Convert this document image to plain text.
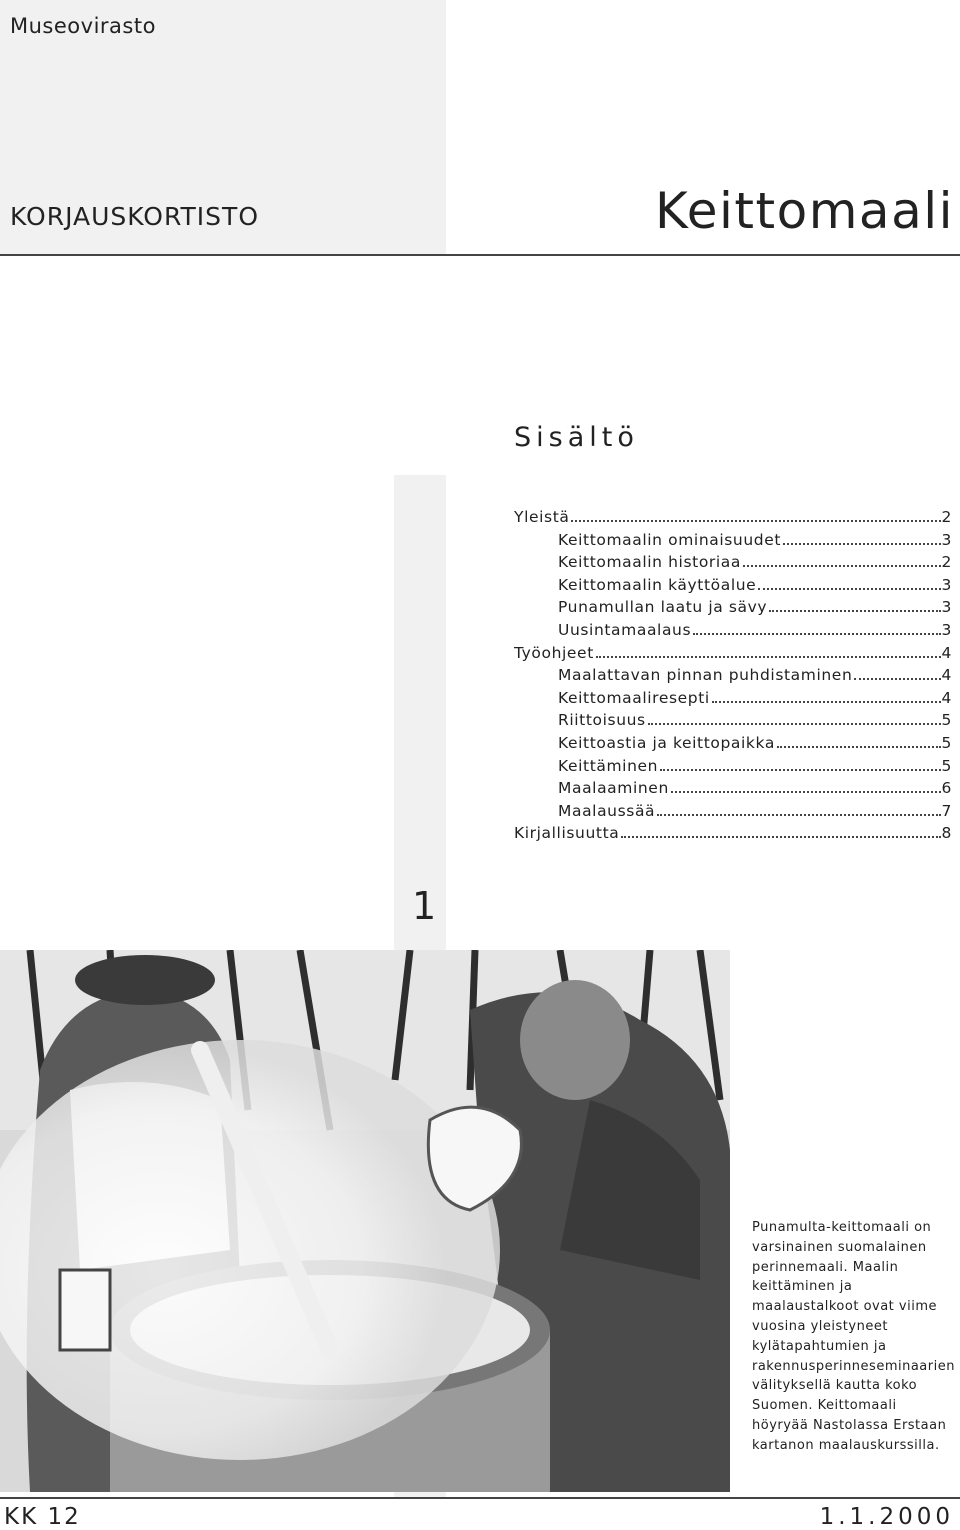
Museovirasto
KORJAUSKORTISTO	Keittomaali
Sisältö
Yleistä	2
Keittomaalin ominaisuudet	3
Keittomaalin historiaa	2
Keittomaalin käyttöalue	3
Punamullan laatu ja sävy	3
Uusintamaalaus	3
Työohjeet	4
Maalattavan pinnan puhdistaminen	4
Keittomaaliresepti	4
Riittoisuus	5
Keittoastia ja keittopaikka	5
Keittäminen	5
Maalaaminen	6
Maalaussää	7
Kirjallisuutta	8
1
Punamulta-keittomaali on varsinainen suomalainen perinnemaali. Maalin keittäminen ja maalaustalkoot ovat viime vuosina yleistyneet kylätapahtumien ja rakennusperinneseminaarien välityksellä kautta koko Suomen. Keittomaali höyryää Nastolassa Erstaan kartanon maalauskurssilla.
KK 12	1.1.2000
